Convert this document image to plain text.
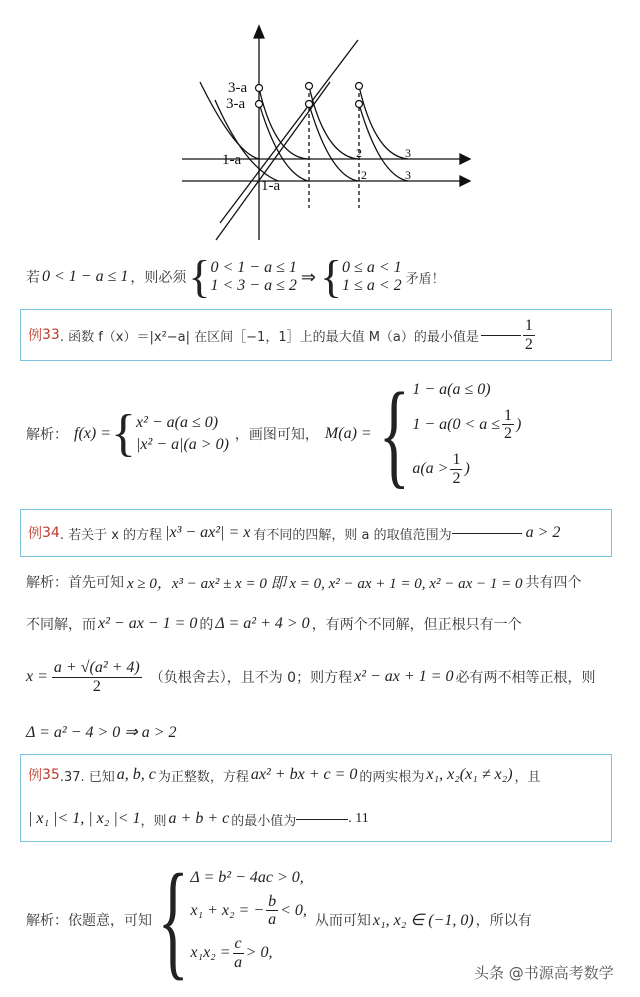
3-a
3-a
1-a
1-a
2
2
3
3
若 0 < 1 − a ≤ 1 ，则必须 { 0 < 1 − a ≤ 1
1 < 3 − a ≤ 2 ⇒ { 0 ≤ a < 1
1 ≤ a < 2 矛盾！
例 33 . 函数 f（x）＝|x²−a| 在区间［−1，1］上的最大值 M（a）的最小值是	$\frac{1}{2}$
解析： f(x) = { x² − a(a ≤ 0)
|x² − a|(a > 0)
，画图可知， M(a) = { 1 − a(a ≤ 0)
$1 - a(0 < a \le \frac{1}{2}$ )
$a(a > \frac{1}{2}$ )
例 34 . 若关于 x 的方程 |x³ − ax²| = x 有不同的四解，则 a 的取值范围为	a > 2
解析：首先可知 x ≥ 0，x³ − ax² ± x = 0 即 x = 0, x² − ax + 1 = 0, x² − ax − 1 = 0 共有四个
不同解，而 x² − ax − 1 = 0 的 Δ = a² + 4 > 0 ，有两个不同解，但正根只有一个
$x = \frac{\text{a + √(a² + 4)}}{2}$ （负根舍去），且不为 0；则方程 x² − ax + 1 = 0 必有两不相等正根，则
Δ = a² − 4 > 0 ⇒ a > 2
例 35 .37. 已知 a, b, c 为正整数，方程 ax² + bx + c = 0 的两实根为 x₁, x₂(x₁ ≠ x₂) ，且
| x₁ |< 1, | x₂ |< 1 ，则 a + b + c 的最小值为	. 11
解析：依题意，可知 { Δ = b² − 4ac > 0,
x₁ + x₂ = − $\frac{b}{a} < 0$,
$x_1x_2 = \frac{c}{a} > 0$,
从而可知 x₁, x₂ ∈ (−1, 0) ，所以有
头条 @书源高考数学
